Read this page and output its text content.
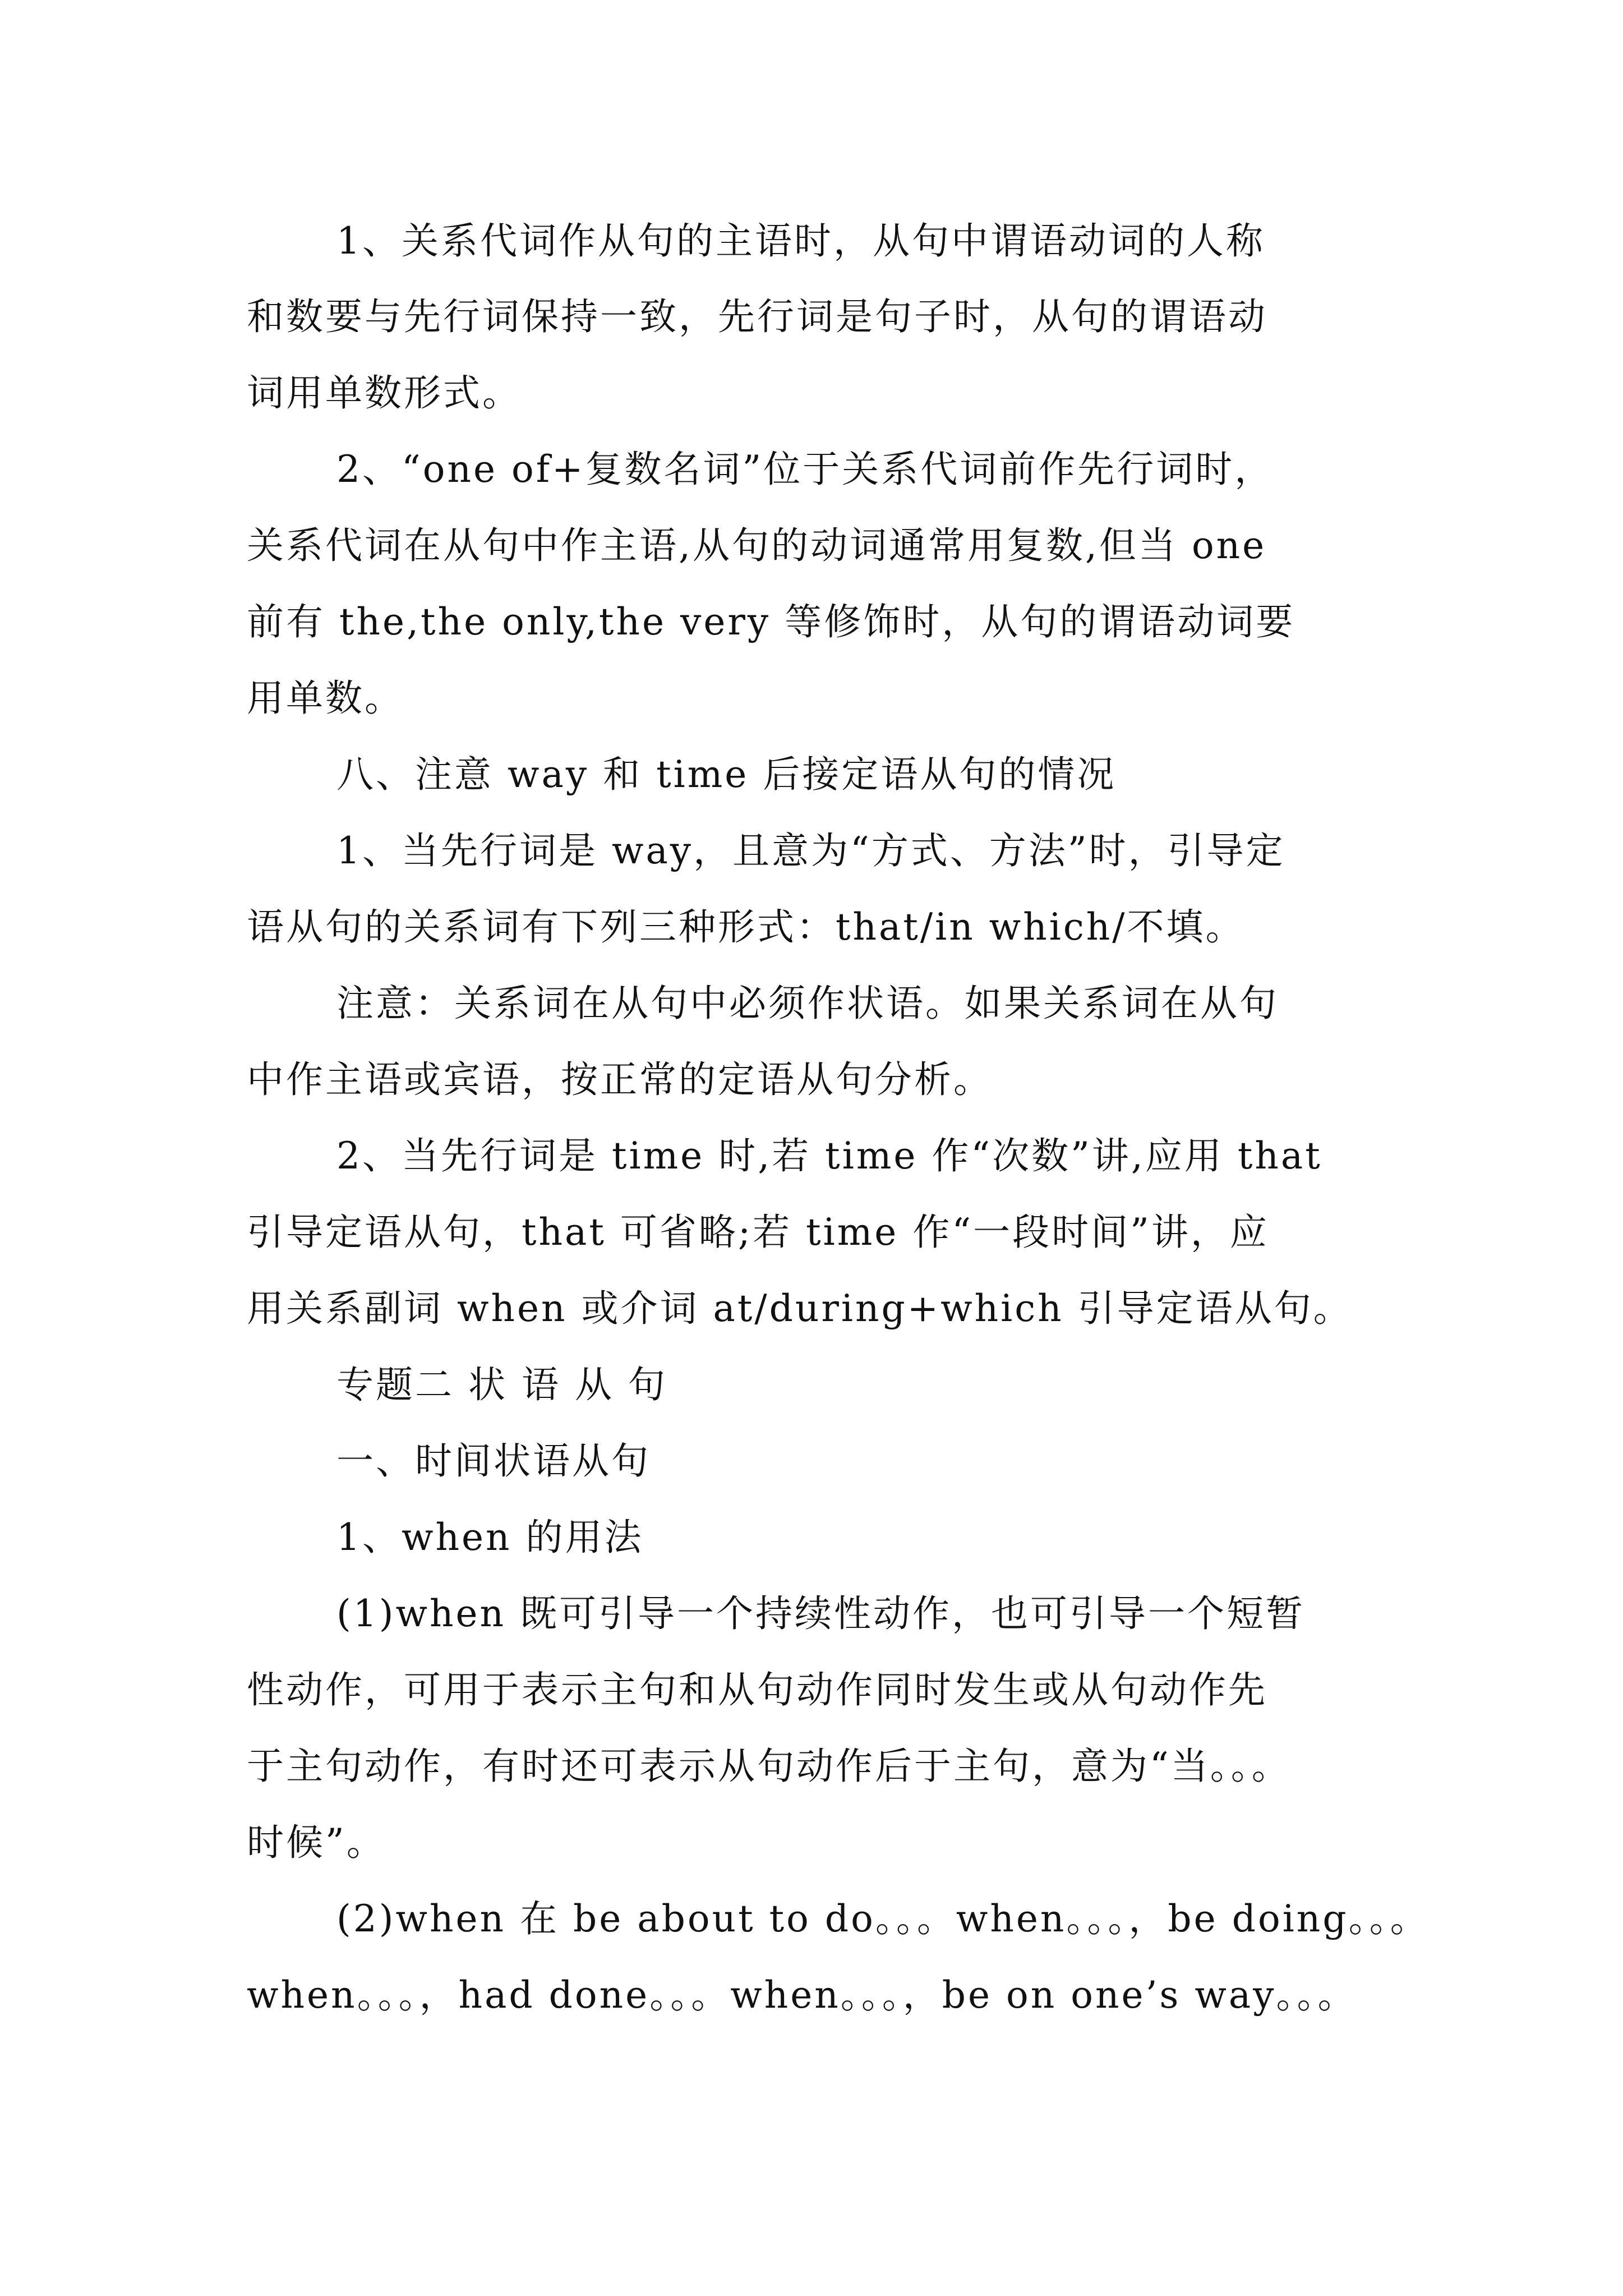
1、关系代词作从句的主语时，从句中谓语动词的人称
和数要与先行词保持一致，先行词是句子时，从句的谓语动
词用单数形式。
2、“one of+复数名词”位于关系代词前作先行词时，
关系代词在从句中作主语,从句的动词通常用复数,但当 one
前有 the,the only,the very 等修饰时，从句的谓语动词要
用单数。
八、注意 way 和 time 后接定语从句的情况
1、当先行词是 way，且意为“方式、方法”时，引导定
语从句的关系词有下列三种形式：that/in which/不填。
注意：关系词在从句中必须作状语。如果关系词在从句
中作主语或宾语，按正常的定语从句分析。
2、当先行词是 time 时,若 time 作“次数”讲,应用 that
引导定语从句，that 可省略;若 time 作“一段时间”讲，应
用关系副词 when 或介词 at/during+which 引导定语从句。
专题二 状 语 从 句
一、时间状语从句
1、when 的用法
(1)when 既可引导一个持续性动作，也可引导一个短暂
性动作，可用于表示主句和从句动作同时发生或从句动作先
于主句动作，有时还可表示从句动作后于主句，意为“当。。。
时候”。
(2)when 在 be about to do。。。when。。。，be doing。。。
when。。。，had done。。。when。。。，be on one’s way。。。
